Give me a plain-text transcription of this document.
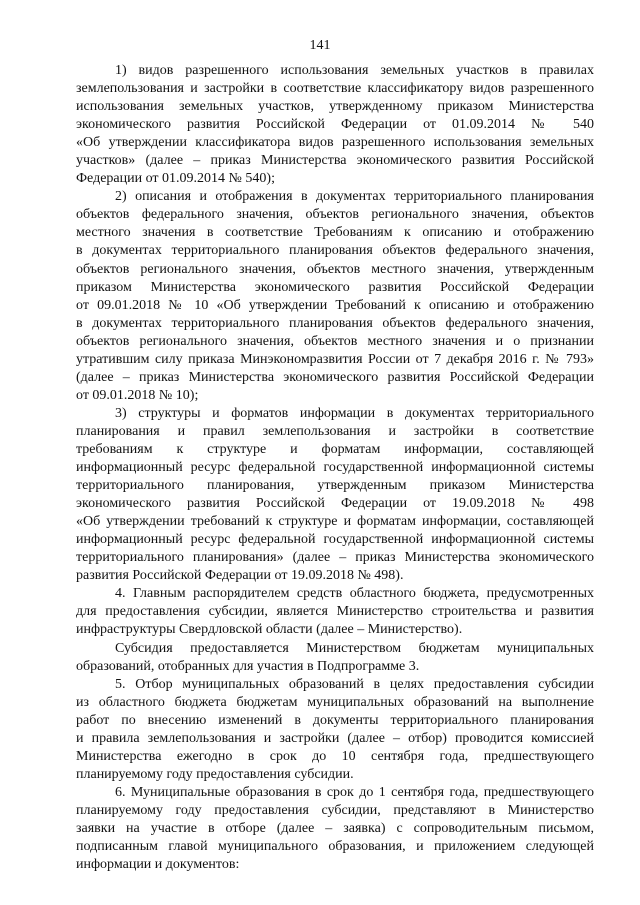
141
1) видов разрешенного использования земельных участков в правилах
землепользования и застройки в соответствие классификатору видов разрешенного
использования земельных участков, утвержденному приказом Министерства
экономического развития Российской Федерации от 01.09.2014 № 540
«Об утверждении классификатора видов разрешенного использования земельных
участков» (далее – приказ Министерства экономического развития Российской
Федерации от 01.09.2014 № 540);
2) описания и отображения в документах территориального планирования
объектов федерального значения, объектов регионального значения, объектов
местного значения в соответствие Требованиям к описанию и отображению
в документах территориального планирования объектов федерального значения,
объектов регионального значения, объектов местного значения, утвержденным
приказом Министерства экономического развития Российской Федерации
от 09.01.2018 № 10 «Об утверждении Требований к описанию и отображению
в документах территориального планирования объектов федерального значения,
объектов регионального значения, объектов местного значения и о признании
утратившим силу приказа Минэкономразвития России от 7 декабря 2016 г. № 793»
(далее – приказ Министерства экономического развития Российской Федерации
от 09.01.2018 № 10);
3) структуры и форматов информации в документах территориального
планирования и правил землепользования и застройки в соответствие
требованиям к структуре и форматам информации, составляющей
информационный ресурс федеральной государственной информационной системы
территориального планирования, утвержденным приказом Министерства
экономического развития Российской Федерации от 19.09.2018 № 498
«Об утверждении требований к структуре и форматам информации, составляющей
информационный ресурс федеральной государственной информационной системы
территориального планирования» (далее – приказ Министерства экономического
развития Российской Федерации от 19.09.2018 № 498).
4. Главным распорядителем средств областного бюджета, предусмотренных
для предоставления субсидии, является Министерство строительства и развития
инфраструктуры Свердловской области (далее – Министерство).
Субсидия предоставляется Министерством бюджетам муниципальных
образований, отобранных для участия в Подпрограмме 3.
5. Отбор муниципальных образований в целях предоставления субсидии
из областного бюджета бюджетам муниципальных образований на выполнение
работ по внесению изменений в документы территориального планирования
и правила землепользования и застройки (далее – отбор) проводится комиссией
Министерства ежегодно в срок до 10 сентября года, предшествующего
планируемому году предоставления субсидии.
6. Муниципальные образования в срок до 1 сентября года, предшествующего
планируемому году предоставления субсидии, представляют в Министерство
заявки на участие в отборе (далее – заявка) с сопроводительным письмом,
подписанным главой муниципального образования, и приложением следующей
информации и документов:
